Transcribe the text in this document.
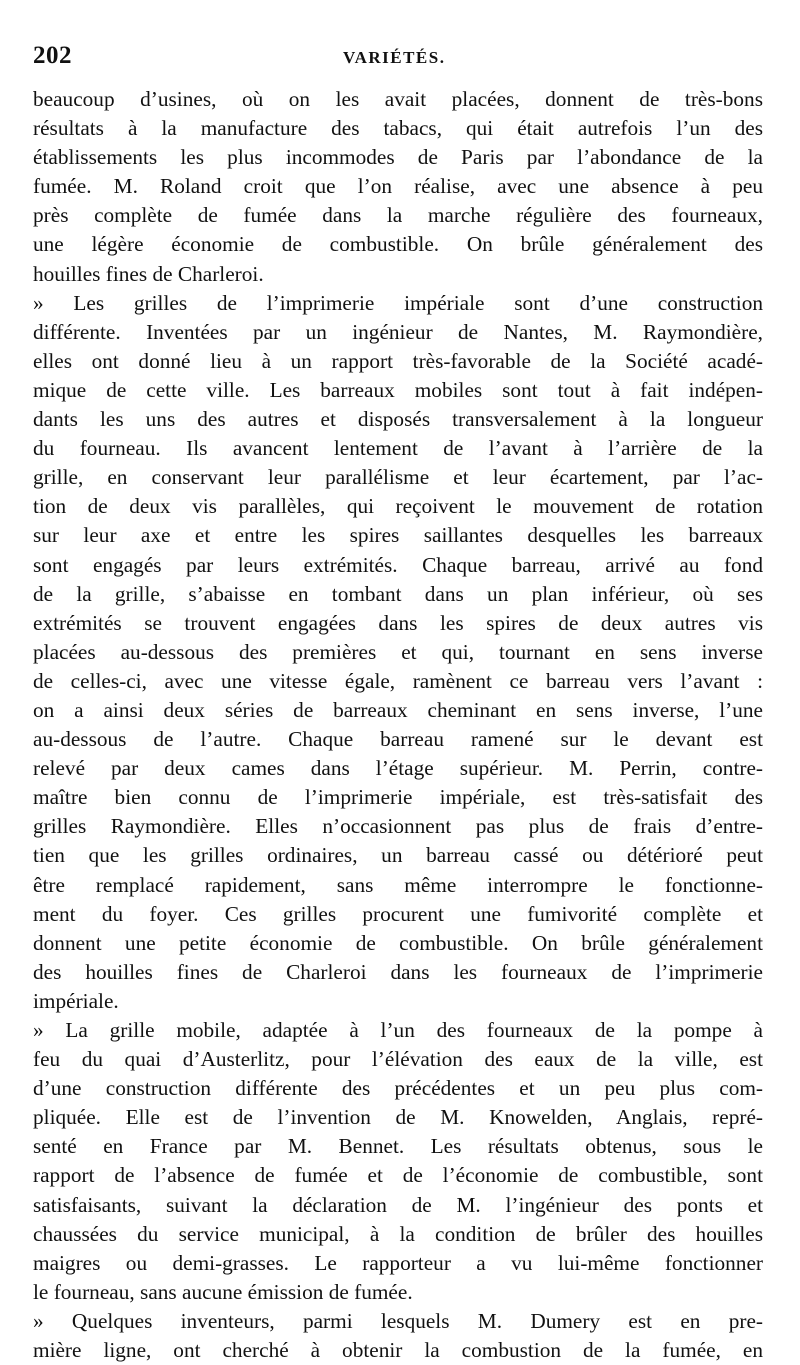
202	VARIÉTÉS.
beaucoup d’usines, où on les avait placées, donnent de très-bons
résultats à la manufacture des tabacs, qui était autrefois l’un des
établissements les plus incommodes de Paris par l’abondance de la
fumée. M. Roland croit que l’on réalise, avec une absence à peu
près complète de fumée dans la marche régulière des fourneaux,
une légère économie de combustible. On brûle généralement des
houilles fines de Charleroi.
» Les grilles de l’imprimerie impériale sont d’une construction
différente. Inventées par un ingénieur de Nantes, M. Raymondière,
elles ont donné lieu à un rapport très-favorable de la Société acadé-
mique de cette ville. Les barreaux mobiles sont tout à fait indépen-
dants les uns des autres et disposés transversalement à la longueur
du fourneau. Ils avancent lentement de l’avant à l’arrière de la
grille, en conservant leur parallélisme et leur écartement, par l’ac-
tion de deux vis parallèles, qui reçoivent le mouvement de rotation
sur leur axe et entre les spires saillantes desquelles les barreaux
sont engagés par leurs extrémités. Chaque barreau, arrivé au fond
de la grille, s’abaisse en tombant dans un plan inférieur, où ses
extrémités se trouvent engagées dans les spires de deux autres vis
placées au-dessous des premières et qui, tournant en sens inverse
de celles-ci, avec une vitesse égale, ramènent ce barreau vers l’avant :
on a ainsi deux séries de barreaux cheminant en sens inverse, l’une
au-dessous de l’autre. Chaque barreau ramené sur le devant est
relevé par deux cames dans l’étage supérieur. M. Perrin, contre-
maître bien connu de l’imprimerie impériale, est très-satisfait des
grilles Raymondière. Elles n’occasionnent pas plus de frais d’entre-
tien que les grilles ordinaires, un barreau cassé ou détérioré peut
être remplacé rapidement, sans même interrompre le fonctionne-
ment du foyer. Ces grilles procurent une fumivorité complète et
donnent une petite économie de combustible. On brûle généralement
des houilles fines de Charleroi dans les fourneaux de l’imprimerie
impériale.
» La grille mobile, adaptée à l’un des fourneaux de la pompe à
feu du quai d’Austerlitz, pour l’élévation des eaux de la ville, est
d’une construction différente des précédentes et un peu plus com-
pliquée. Elle est de l’invention de M. Knowelden, Anglais, repré-
senté en France par M. Bennet. Les résultats obtenus, sous le
rapport de l’absence de fumée et de l’économie de combustible, sont
satisfaisants, suivant la déclaration de M. l’ingénieur des ponts et
chaussées du service municipal, à la condition de brûler des houilles
maigres ou demi-grasses. Le rapporteur a vu lui-même fonctionner
le fourneau, sans aucune émission de fumée.
» Quelques inventeurs, parmi lesquels M. Dumery est en pre-
mière ligne, ont cherché à obtenir la combustion de la fumée, en
